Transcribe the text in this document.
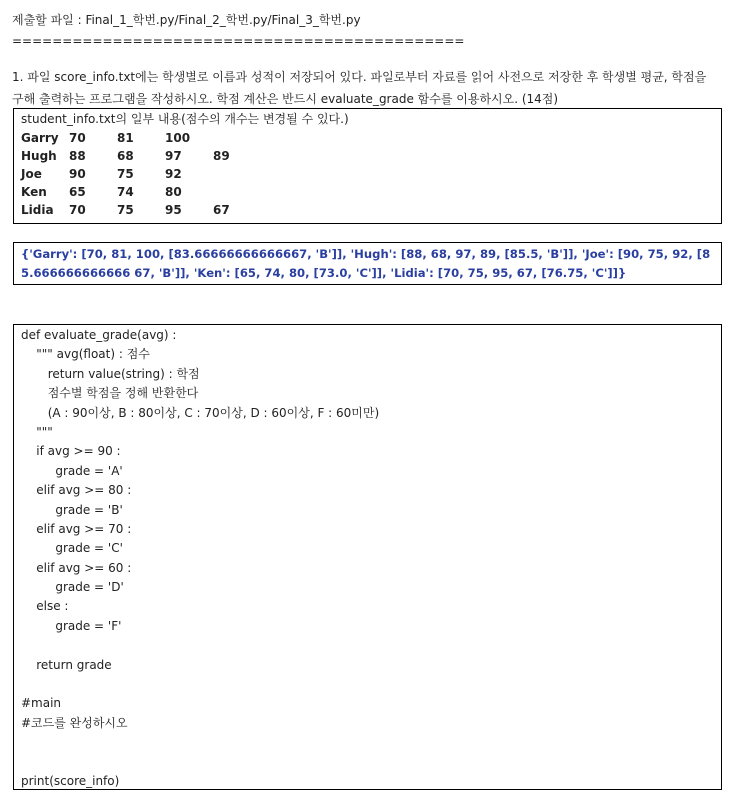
제출할 파일 : Final_1_학번.py/Final_2_학번.py/Final_3_학번.py
=============================================
1. 파일 score_info.txt에는 학생별로 이름과 성적이 저장되어 있다. 파일로부터 자료를 읽어 사전으로 저장한 후 학생별 평균, 학점을
구해 출력하는 프로그램을 작성하시오. 학점 계산은 반드시 evaluate_grade 함수를 이용하시오. (14점)
student_info.txt의 일부 내용(점수의 개수는 변경될 수 있다.)
Garry	70	81	100	
Hugh	88	68	97	89
Joe	90	75	92	
Ken	65	74	80	
Lidia	70	75	95	67
{'Garry': [70, 81, 100, [83.66666666666667, 'B']], 'Hugh': [88, 68, 97, 89, [85.5, 'B']], 'Joe': [90, 75, 92, [85.666666666666 67, 'B']], 'Ken': [65, 74, 80, [73.0, 'C']], 'Lidia': [70, 75, 95, 67, [76.75, 'C']]}
def evaluate_grade(avg) :
""" avg(float) : 점수
return value(string) : 학점
점수별 학점을 정해 반환한다
(A : 90이상, B : 80이상, C : 70이상, D : 60이상, F : 60미만)
"""
if avg >= 90 :
grade = 'A'
elif avg >= 80 :
grade = 'B'
elif avg >= 70 :
grade = 'C'
elif avg >= 60 :
grade = 'D'
else :
grade = 'F'
return grade
#main
#코드를 완성하시오
print(score_info)
